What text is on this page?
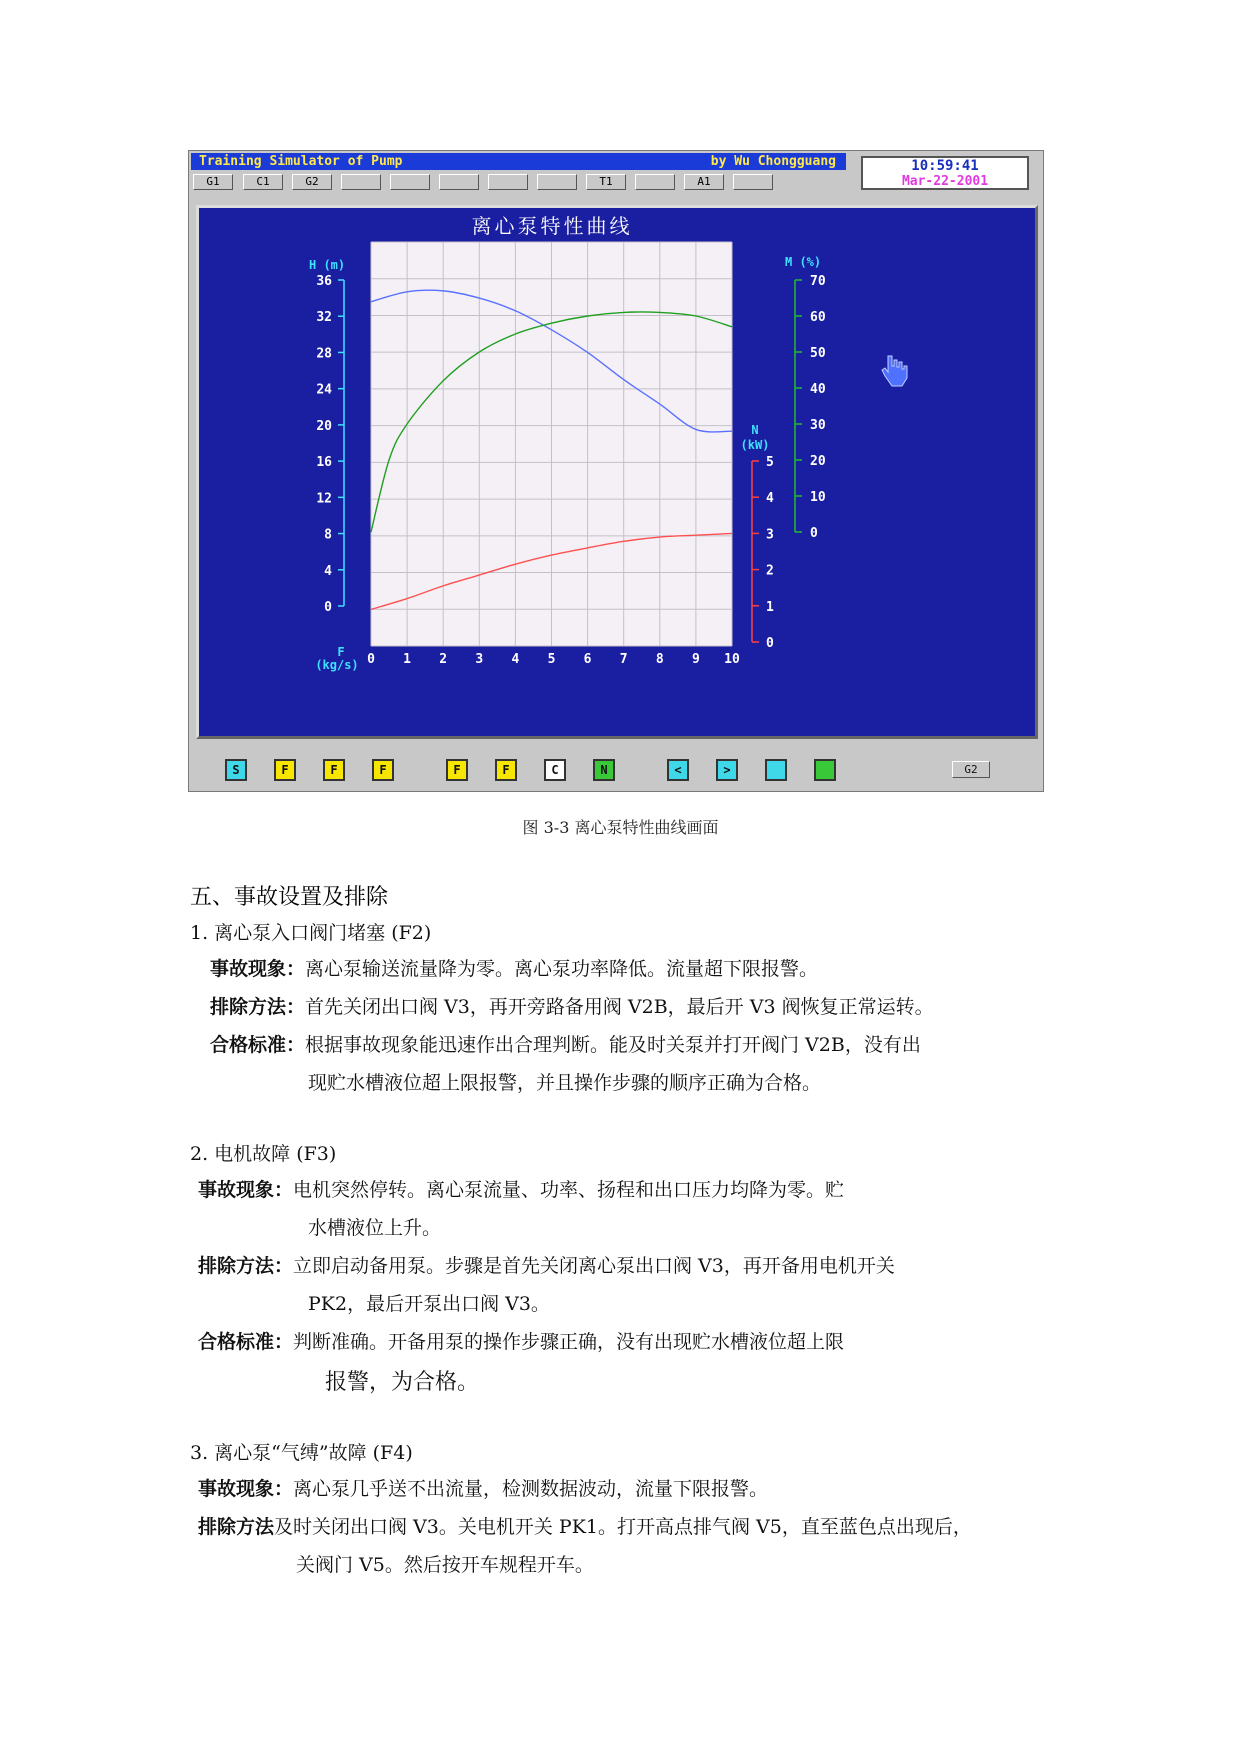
Training Simulator of Pump	by Wu Chongguang
G1	C1	G2	T1	A1
10:59:41
Mar-22-2001
离心泵特性曲线
H (m)
36
32
28
24
20
16
12
8
4
0
M (%)
70
60
50
40
30
20
10
0
N
(kW)
5
4
3
2
1
0
0 1 2 3 4 5 6 7 8 9 10
F
(kg/s)
G2
S	F	F	F	F	F	C	N	<	>
图 3-3 离心泵特性曲线画面
五、事故设置及排除
1. 离心泵入口阀门堵塞 (F2)
事故现象：离心泵输送流量降为零。离心泵功率降低。流量超下限报警。
排除方法：首先关闭出口阀 V3，再开旁路备用阀 V2B，最后开 V3 阀恢复正常运转。
合格标准：根据事故现象能迅速作出合理判断。能及时关泵并打开阀门 V2B，没有出
现贮水槽液位超上限报警，并且操作步骤的顺序正确为合格。
2. 电机故障 (F3)
事故现象：电机突然停转。离心泵流量、功率、扬程和出口压力均降为零。贮
水槽液位上升。
排除方法：立即启动备用泵。步骤是首先关闭离心泵出口阀 V3，再开备用电机开关
PK2，最后开泵出口阀 V3。
合格标准：判断准确。开备用泵的操作步骤正确，没有出现贮水槽液位超上限
报警，为合格。
3. 离心泵“气缚”故障 (F4)
事故现象：离心泵几乎送不出流量，检测数据波动，流量下限报警。
排除方法及时关闭出口阀 V3。关电机开关 PK1。打开高点排气阀 V5，直至蓝色点出现后，
关阀门 V5。然后按开车规程开车。
